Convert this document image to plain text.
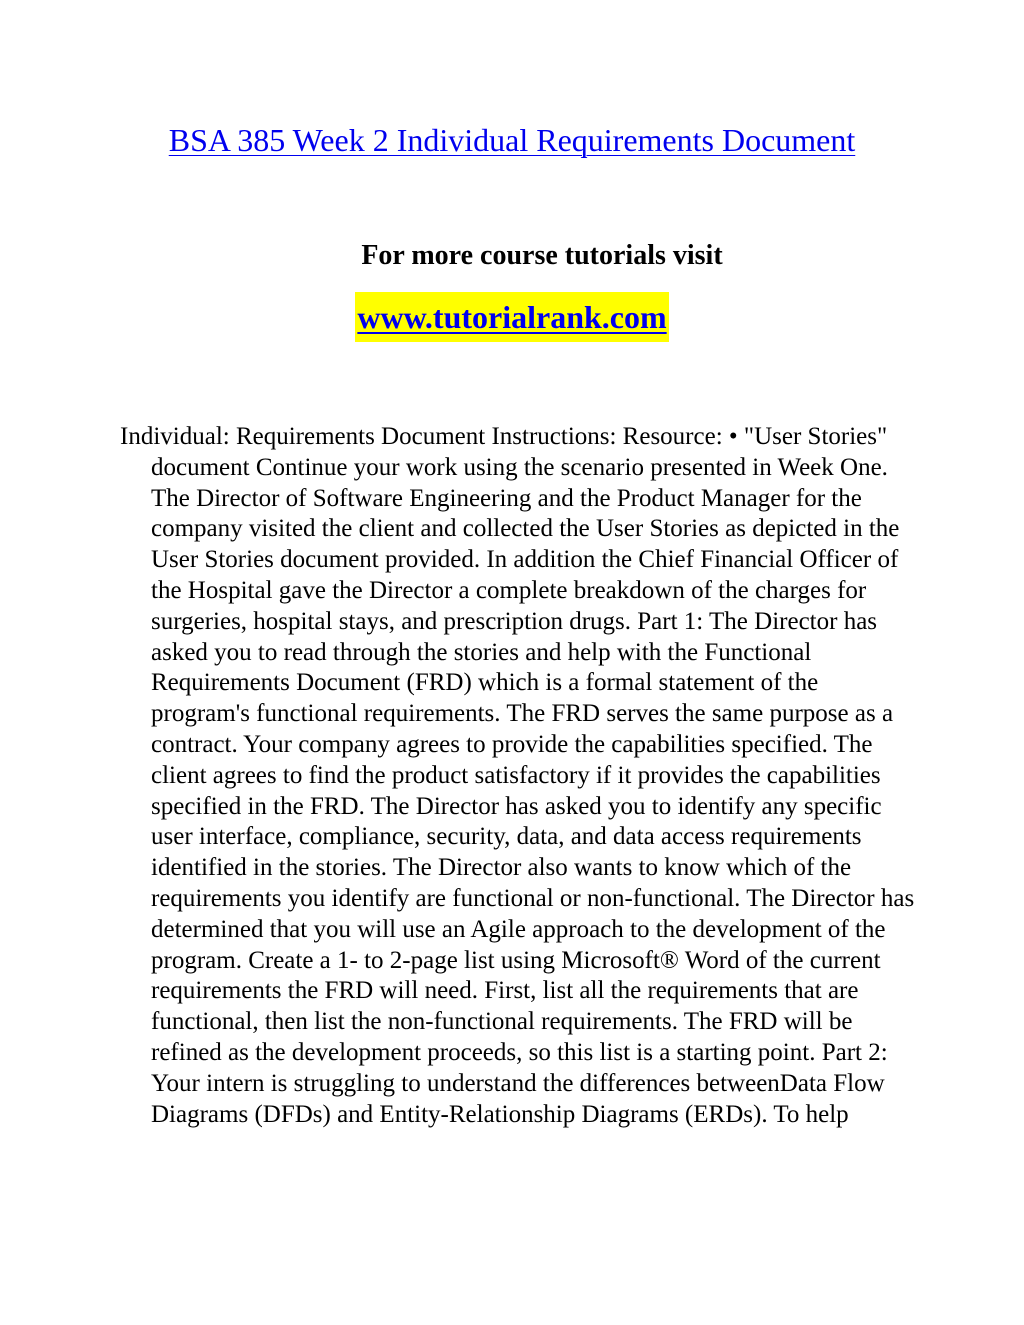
BSA 385 Week 2 Individual Requirements Document
For more course tutorials visit
www.tutorialrank.com

Individual: Requirements Document Instructions: Resource: • "User Stories" document Continue your work using the scenario presented in Week One. The Director of Software Engineering and the Product Manager for the company visited the client and collected the User Stories as depicted in the User Stories document provided. In addition the Chief Financial Officer of the Hospital gave the Director a complete breakdown of the charges for surgeries, hospital stays, and prescription drugs. Part 1: The Director has asked you to read through the stories and help with the Functional Requirements Document (FRD) which is a formal statement of the program's functional requirements. The FRD serves the same purpose as a contract. Your company agrees to provide the capabilities specified. The client agrees to find the product satisfactory if it provides the capabilities specified in the FRD. The Director has asked you to identify any specific user interface, compliance, security, data, and data access requirements identified in the stories. The Director also wants to know which of the requirements you identify are functional or non-functional. The Director has determined that you will use an Agile approach to the development of the program. Create a 1- to 2-page list using Microsoft® Word of the current requirements the FRD will need. First, list all the requirements that are functional, then list the non-functional requirements. The FRD will be refined as the development proceeds, so this list is a starting point. Part 2: Your intern is struggling to understand the differences betweenData Flow Diagrams (DFDs) and Entity-Relationship Diagrams (ERDs). To help
